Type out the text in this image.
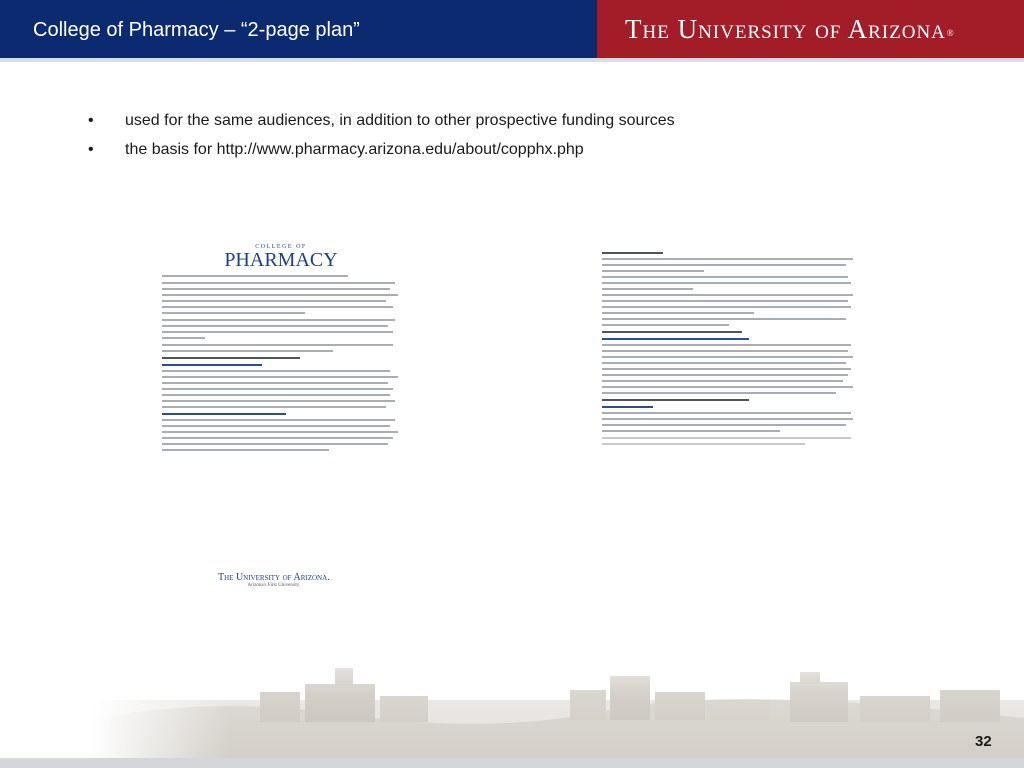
College of Pharmacy – “2-page plan”	The University of Arizona®
• used for the same audiences, in addition to other prospective funding sources
• the basis for http://www.pharmacy.arizona.edu/about/copphx.php
COLLEGE OF
PHARMACY
The University of Arizona.
Arizona's First University.
32
